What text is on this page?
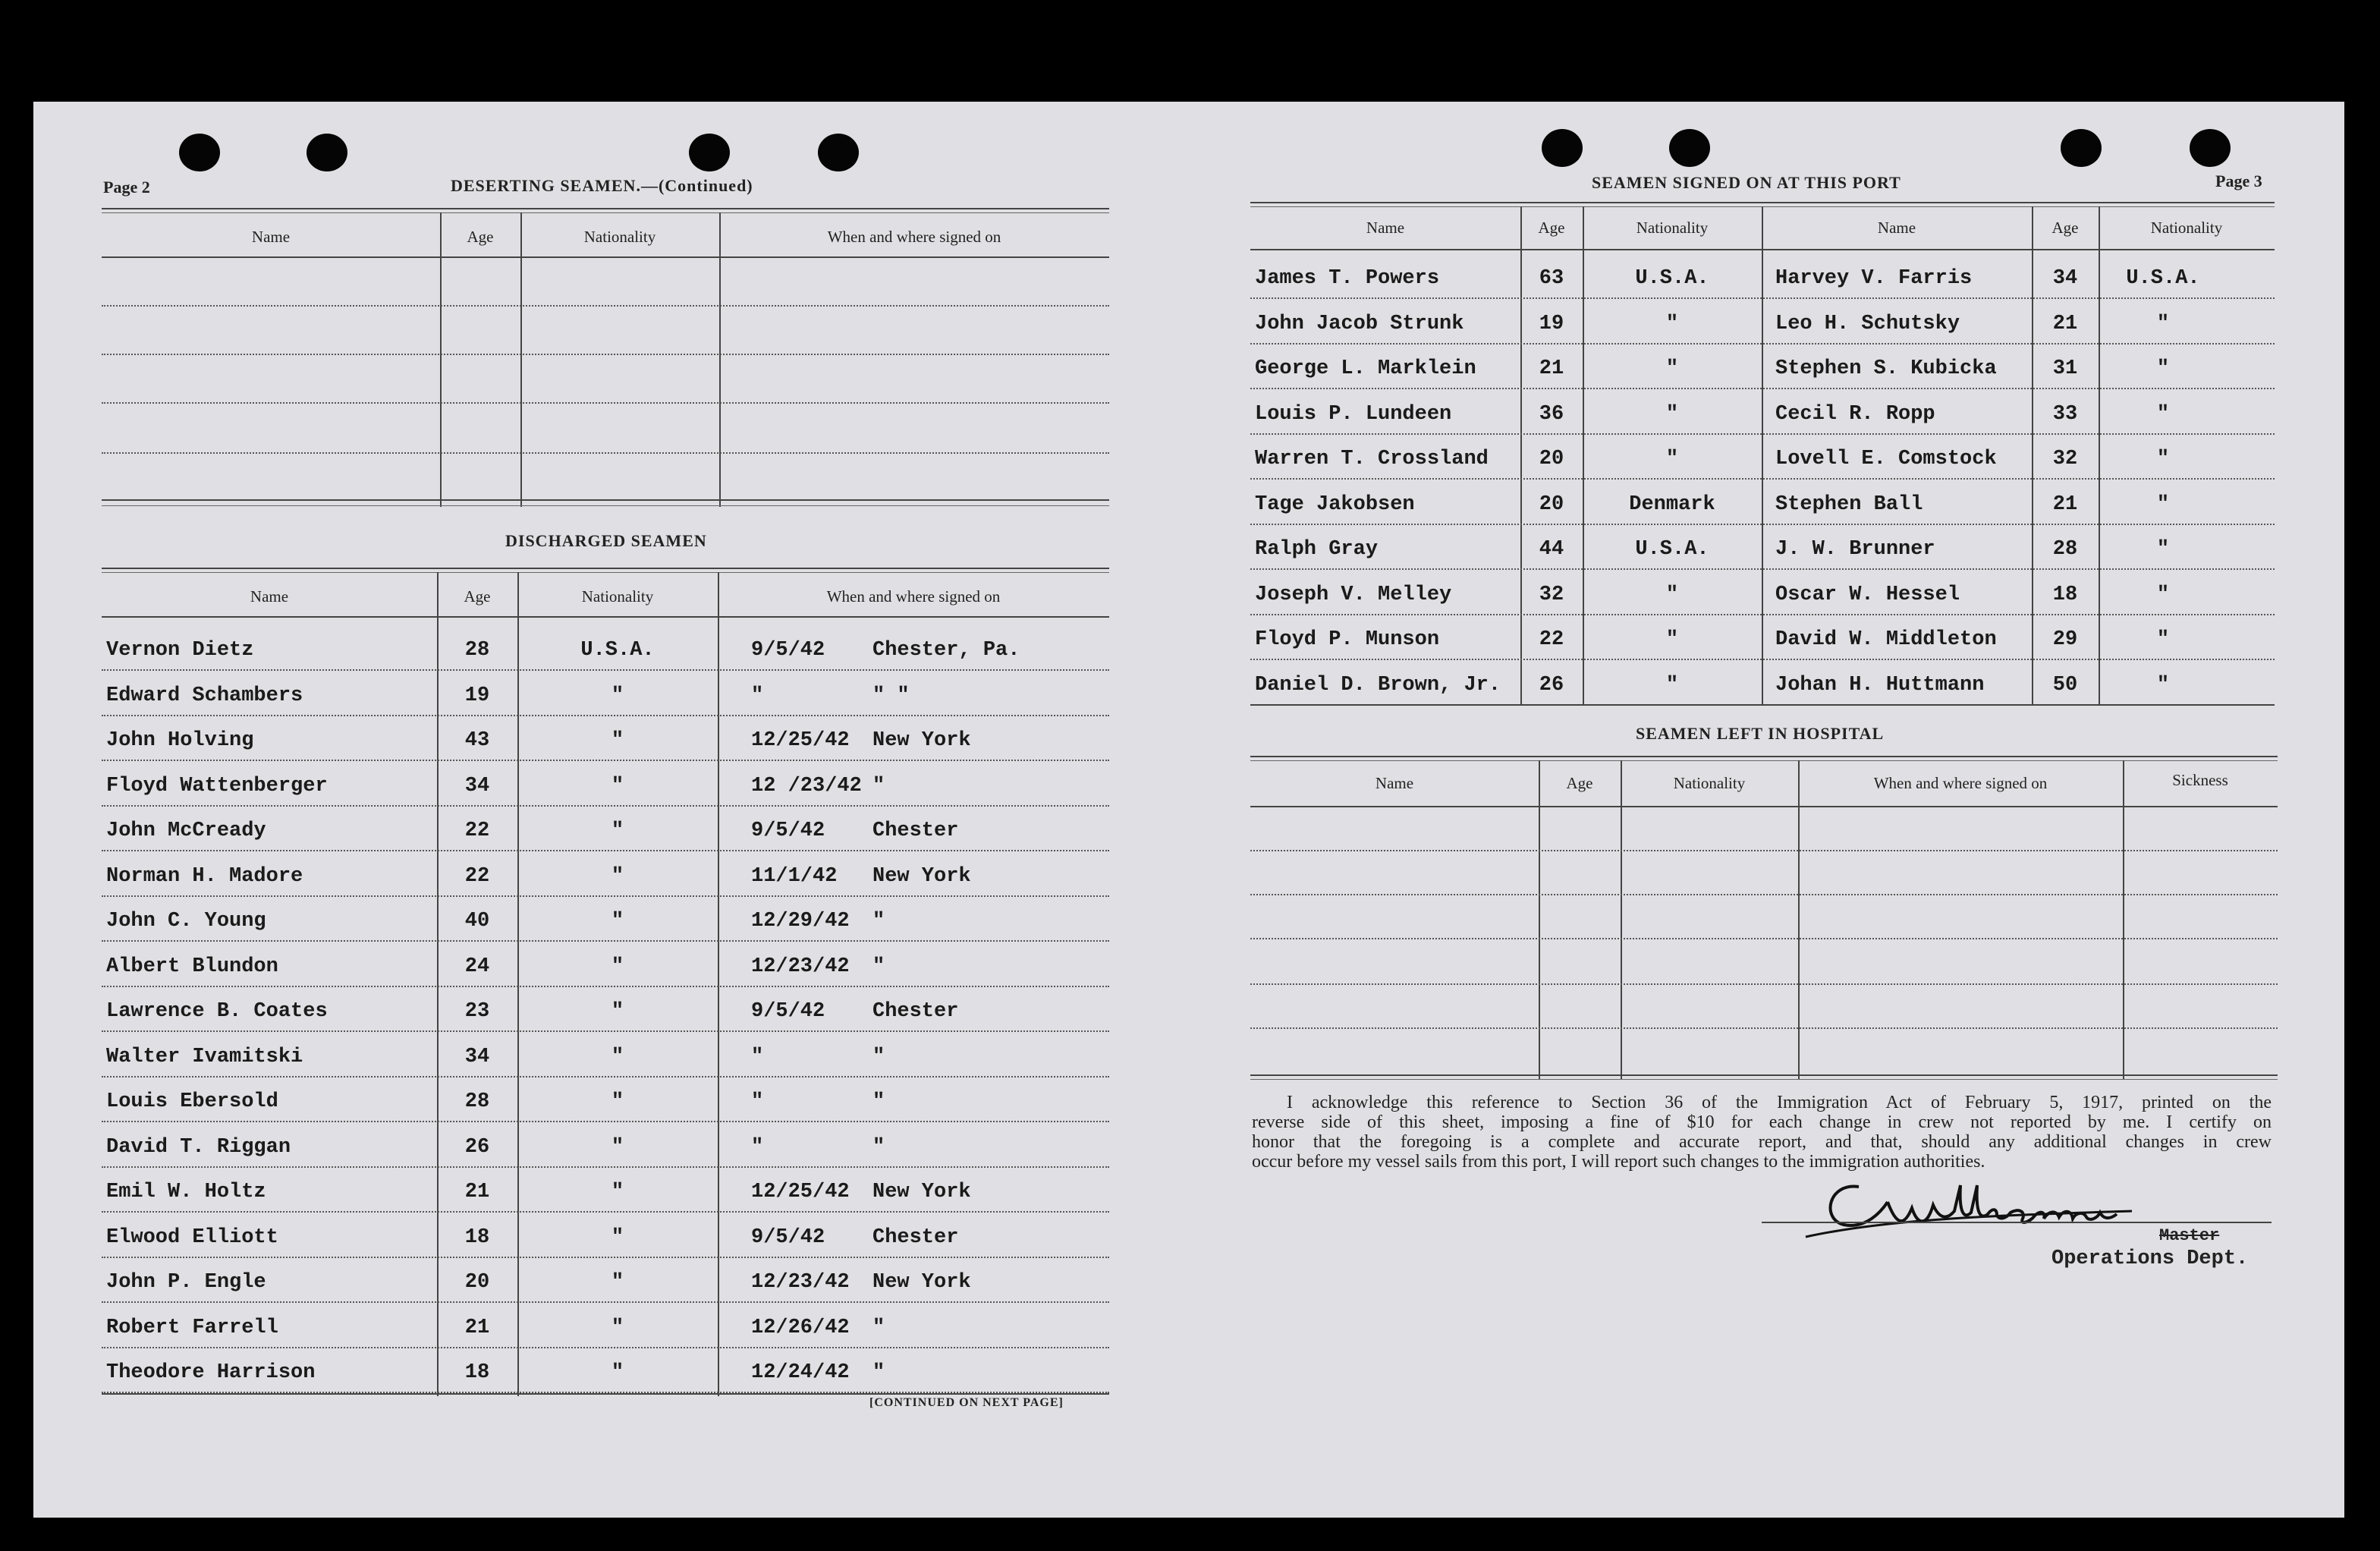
Page 2	DESERTING SEAMEN.—(Continued)
Name	Age	Nationality	When and where signed on
DISCHARGED SEAMEN
Name	Age	Nationality	When and where signed on
Vernon Dietz	28	U.S.A.	9/5/42	Chester, Pa.
Edward Schambers	19	"	"	" "
John Holving	43	"	12/25/42	New York
Floyd Wattenberger	34	"	12 /23/42 "
John McCready	22	"	9/5/42	Chester
Norman H. Madore	22	"	11/1/42	New York
John C. Young	40	"	12/29/42	"
Albert Blundon	24	"	12/23/42	"
Lawrence B. Coates	23	"	9/5/42	Chester
Walter Ivamitski	34	"	"	"
Louis Ebersold	28	"	"	"
David T. Riggan	26	"	"	"
Emil W. Holtz	21	"	12/25/42	New York
Elwood Elliott	18	"	9/5/42	Chester
John P. Engle	20	"	12/23/42	New York
Robert Farrell	21	"	12/26/42	"
Theodore Harrison	18	"	12/24/42	"
[CONTINUED ON NEXT PAGE]
SEAMEN SIGNED ON AT THIS PORT	Page 3
Name	Age	Nationality	Name	Age	Nationality
James T. Powers	63	U.S.A.	Harvey V. Farris	34	U.S.A.
John Jacob Strunk	19	"	Leo H. Schutsky	21	"
George L. Marklein	21	"	Stephen S. Kubicka	31	"
Louis P. Lundeen	36	"	Cecil R. Ropp	33	"
Warren T. Crossland	20	"	Lovell E. Comstock	32	"
Tage Jakobsen	20	Denmark	Stephen Ball	21	"
Ralph Gray	44	U.S.A.	J. W. Brunner	28	"
Joseph V. Melley	32	"	Oscar W. Hessel	18	"
Floyd P. Munson	22	"	David W. Middleton	29	"
Daniel D. Brown, Jr.	26	"	Johan H. Huttmann	50	"
SEAMEN LEFT IN HOSPITAL
Name	Age	Nationality	When and where signed on	Sickness
I acknowledge this reference to Section 36 of the Immigration Act of February 5, 1917, printed on the
reverse side of this sheet, imposing a fine of $10 for each change in crew not reported by me. I certify on
honor that the foregoing is a complete and accurate report, and that, should any additional changes in crew
occur before my vessel sails from this port, I will report such changes to the immigration authorities.
Master
Operations Dept.
